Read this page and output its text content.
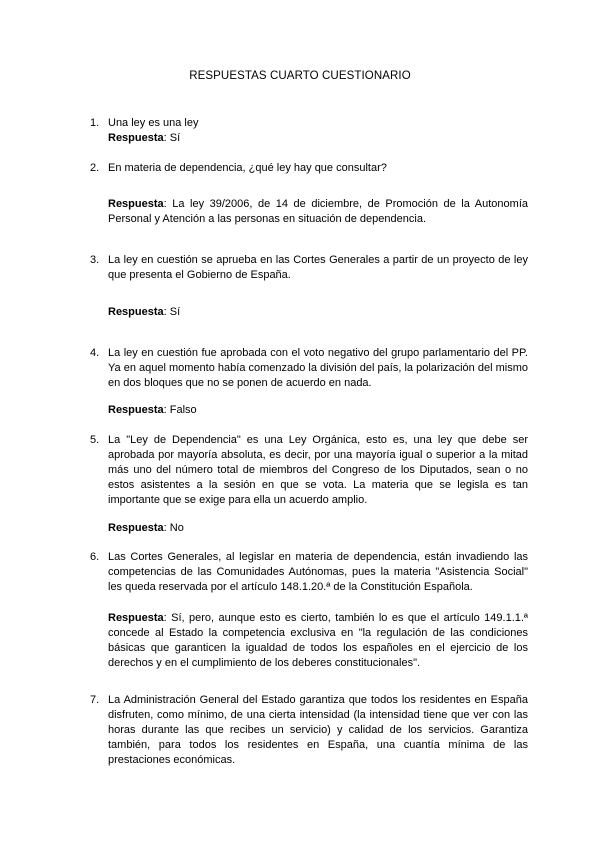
RESPUESTAS CUARTO CUESTIONARIO
1. Una ley es una ley
Respuesta: Sí
2. En materia de dependencia, ¿qué ley hay que consultar?
Respuesta: La ley 39/2006, de 14 de diciembre, de Promoción de la Autonomía Personal y Atención a las personas en situación de dependencia.
3. La ley en cuestión se aprueba en las Cortes Generales a partir de un proyecto de ley que presenta el Gobierno de España.
Respuesta: Sí
4. La ley en cuestión fue aprobada con el voto negativo del grupo parlamentario del PP. Ya en aquel momento había comenzado la división del país, la polarización del mismo en dos bloques que no se ponen de acuerdo en nada.
Respuesta: Falso
5. La "Ley de Dependencia" es una Ley Orgánica, esto es, una ley que debe ser aprobada por mayoría absoluta, es decir, por una mayoría igual o superior a la mitad más uno del número total de miembros del Congreso de los Diputados, sean o no estos asistentes a la sesión en que se vota. La materia que se legisla es tan importante que se exige para ella un acuerdo amplio.
Respuesta: No
6. Las Cortes Generales, al legislar en materia de dependencia, están invadiendo las competencias de las Comunidades Autónomas, pues la materia "Asistencia Social" les queda reservada por el artículo 148.1.20.ª de la Constitución Española.
Respuesta: Sí, pero, aunque esto es cierto, también lo es que el artículo 149.1.1.ª concede al Estado la competencia exclusiva en "la regulación de las condiciones básicas que garanticen la igualdad de todos los españoles en el ejercicio de los derechos y en el cumplimiento de los deberes constitucionales".
7. La Administración General del Estado garantiza que todos los residentes en España disfruten, como mínimo, de una cierta intensidad (la intensidad tiene que ver con las horas durante las que recibes un servicio) y calidad de los servicios. Garantiza también, para todos los residentes en España, una cuantía mínima de las prestaciones económicas.
